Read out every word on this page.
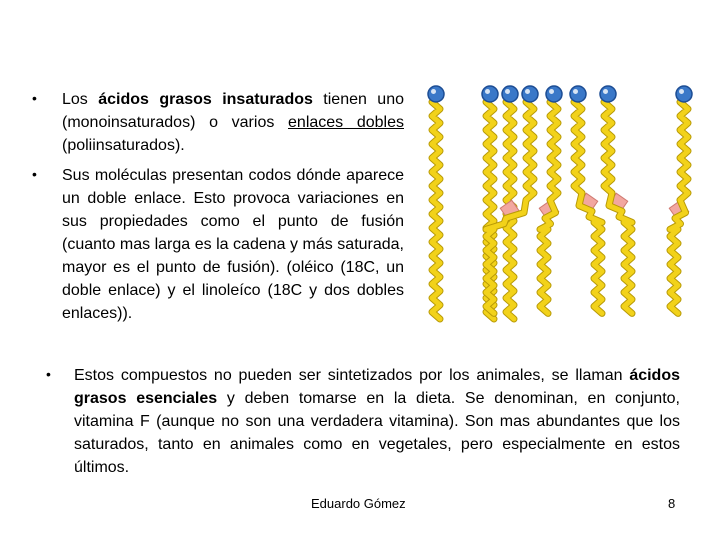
• Los ácidos grasos insaturados tienen uno (monoinsaturados) o varios enlaces dobles (poliinsaturados).
• Sus moléculas presentan codos dónde aparece un doble enlace. Esto provoca variaciones en sus propiedades como el punto de fusión (cuanto mas larga es la cadena y más saturada, mayor es el punto de fusión). (oléico (18C, un doble enlace) y el linoleíco (18C y dos dobles enlaces)).
• Estos compuestos no pueden ser sintetizados por los animales, se llaman ácidos grasos esenciales y deben tomarse en la dieta. Se denominan, en conjunto, vitamina F (aunque no son una verdadera vitamina). Son mas abundantes que los saturados, tanto en animales como en vegetales, pero especialmente en estos últimos.
Eduardo Gómez	8
